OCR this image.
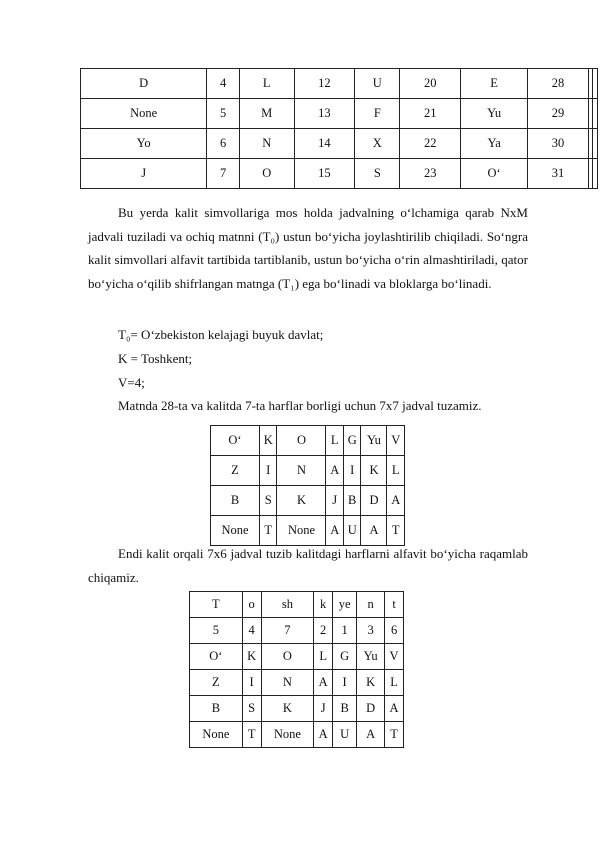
D	4	L	12	U	20	E	28		
None	5	M	13	F	21	Yu	29		
Yo	6	N	14	X	22	Ya	30		
J	7	O	15	S	23	O‘	31		

Bu yerda kalit simvollariga mos holda jadvalning o‘lchamiga qarab NxM jadvali tuziladi va ochiq matnni (T₀) ustun bo‘yicha joylashtirilib chiqiladi. So‘ngra kalit simvollari alfavit tartibida tartiblanib, ustun bo‘yicha o‘rin almashtiriladi, qator bo‘yicha o‘qilib shifrlangan matnga (T₁) ega bo‘linadi va bloklarga bo‘linadi.

T₀= O‘zbekiston kelajagi buyuk davlat;

K = Toshkent;

V=4;

Matnda 28-ta va kalitda 7-ta harflar borligi uchun 7x7 jadval tuzamiz.

O‘	K	O	L	G	Yu	V
Z	I	N	A	I	K	L
B	S	K	J	B	D	A
None	T	None	A	U	A	T

Endi kalit orqali 7x6 jadval tuzib kalitdagi harflarni alfavit bo‘yicha raqamlab chiqamiz.

T	o	sh	k	ye	n	t
5	4	7	2	1	3	6
O‘	K	O	L	G	Yu	V
Z	I	N	A	I	K	L
B	S	K	J	B	D	A
None	T	None	A	U	A	T
